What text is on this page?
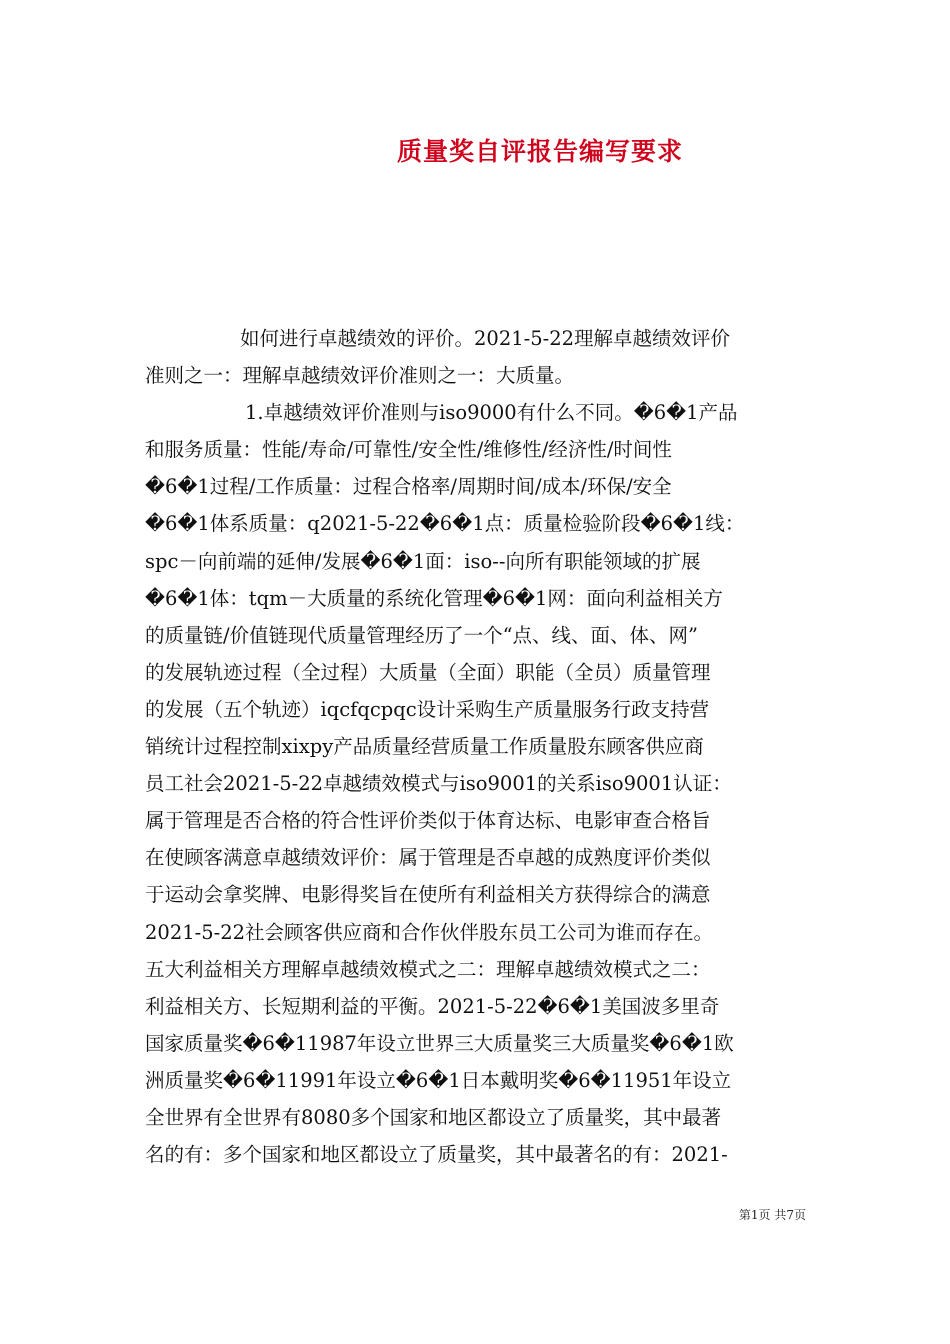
质量奖自评报告编写要求
如何进行卓越绩效的评价。2021-5-22理解卓越绩效评价
准则之一：理解卓越绩效评价准则之一：大质量。
1.卓越绩效评价准则与iso9000有什么不同。�6�1产品
和服务质量：性能/寿命/可靠性/安全性/维修性/经济性/时间性
�6�1过程/工作质量：过程合格率/周期时间/成本/环保/安全
�6�1体系质量：q2021-5-22�6�1点：质量检验阶段�6�1线：
spc－向前端的延伸/发展�6�1面：iso--向所有职能领域的扩展
�6�1体：tqm－大质量的系统化管理�6�1网：面向利益相关方
的质量链/价值链现代质量管理经历了一个“点、线、面、体、网”
的发展轨迹过程（全过程）大质量（全面）职能（全员）质量管理
的发展（五个轨迹）iqcfqcpqc设计采购生产质量服务行政支持营
销统计过程控制xixpy产品质量经营质量工作质量股东顾客供应商
员工社会2021-5-22卓越绩效模式与iso9001的关系iso9001认证：
属于管理是否合格的符合性评价类似于体育达标、电影审查合格旨
在使顾客满意卓越绩效评价：属于管理是否卓越的成熟度评价类似
于运动会拿奖牌、电影得奖旨在使所有利益相关方获得综合的满意
2021-5-22社会顾客供应商和合作伙伴股东员工公司为谁而存在。
五大利益相关方理解卓越绩效模式之二：理解卓越绩效模式之二：
利益相关方、长短期利益的平衡。2021-5-22�6�1美国波多里奇
国家质量奖�6�11987年设立世界三大质量奖三大质量奖�6�1欧
洲质量奖�6�11991年设立�6�1日本戴明奖�6�11951年设立
全世界有全世界有8080多个国家和地区都设立了质量奖，其中最著
名的有：多个国家和地区都设立了质量奖，其中最著名的有：2021-
第1页 共7页
